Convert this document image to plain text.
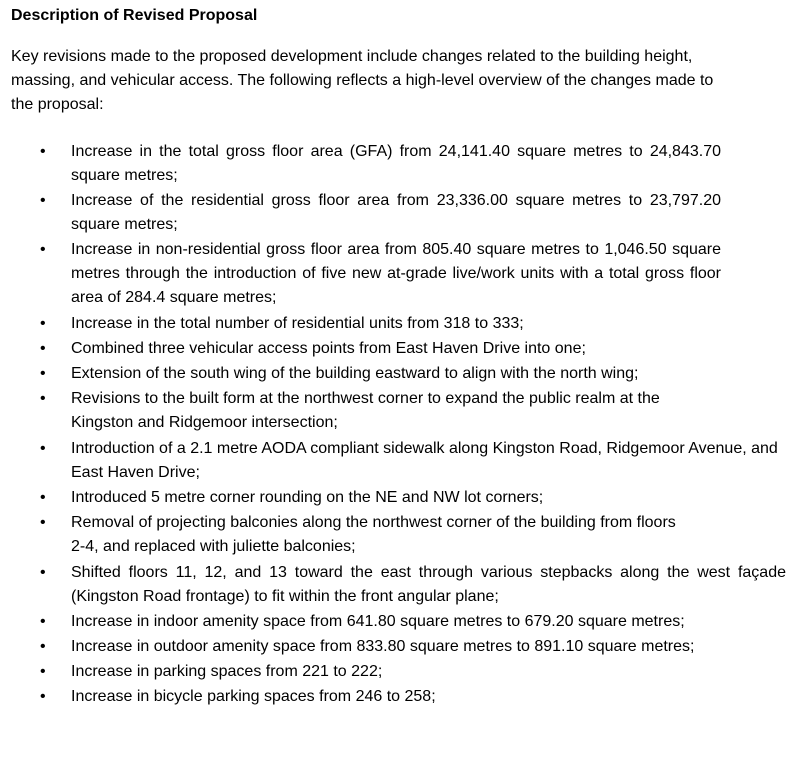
Description of Revised Proposal

Key revisions made to the proposed development include changes related to the building height, massing, and vehicular access. The following reflects a high-level overview of the changes made to the proposal:

• Increase in the total gross floor area (GFA) from 24,141.40 square metres to 24,843.70 square metres;
• Increase of the residential gross floor area from 23,336.00 square metres to 23,797.20 square metres;
• Increase in non-residential gross floor area from 805.40 square metres to 1,046.50 square metres through the introduction of five new at-grade live/work units with a total gross floor area of 284.4 square metres;
• Increase in the total number of residential units from 318 to 333;
• Combined three vehicular access points from East Haven Drive into one;
• Extension of the south wing of the building eastward to align with the north wing;
• Revisions to the built form at the northwest corner to expand the public realm at the Kingston and Ridgemoor intersection;
• Introduction of a 2.1 metre AODA compliant sidewalk along Kingston Road, Ridgemoor Avenue, and East Haven Drive;
• Introduced 5 metre corner rounding on the NE and NW lot corners;
• Removal of projecting balconies along the northwest corner of the building from floors 2-4, and replaced with juliette balconies;
• Shifted floors 11, 12, and 13 toward the east through various stepbacks along the west façade (Kingston Road frontage) to fit within the front angular plane;
• Increase in indoor amenity space from 641.80 square metres to 679.20 square metres;
• Increase in outdoor amenity space from 833.80 square metres to 891.10 square metres;
• Increase in parking spaces from 221 to 222;
• Increase in bicycle parking spaces from 246 to 258;
